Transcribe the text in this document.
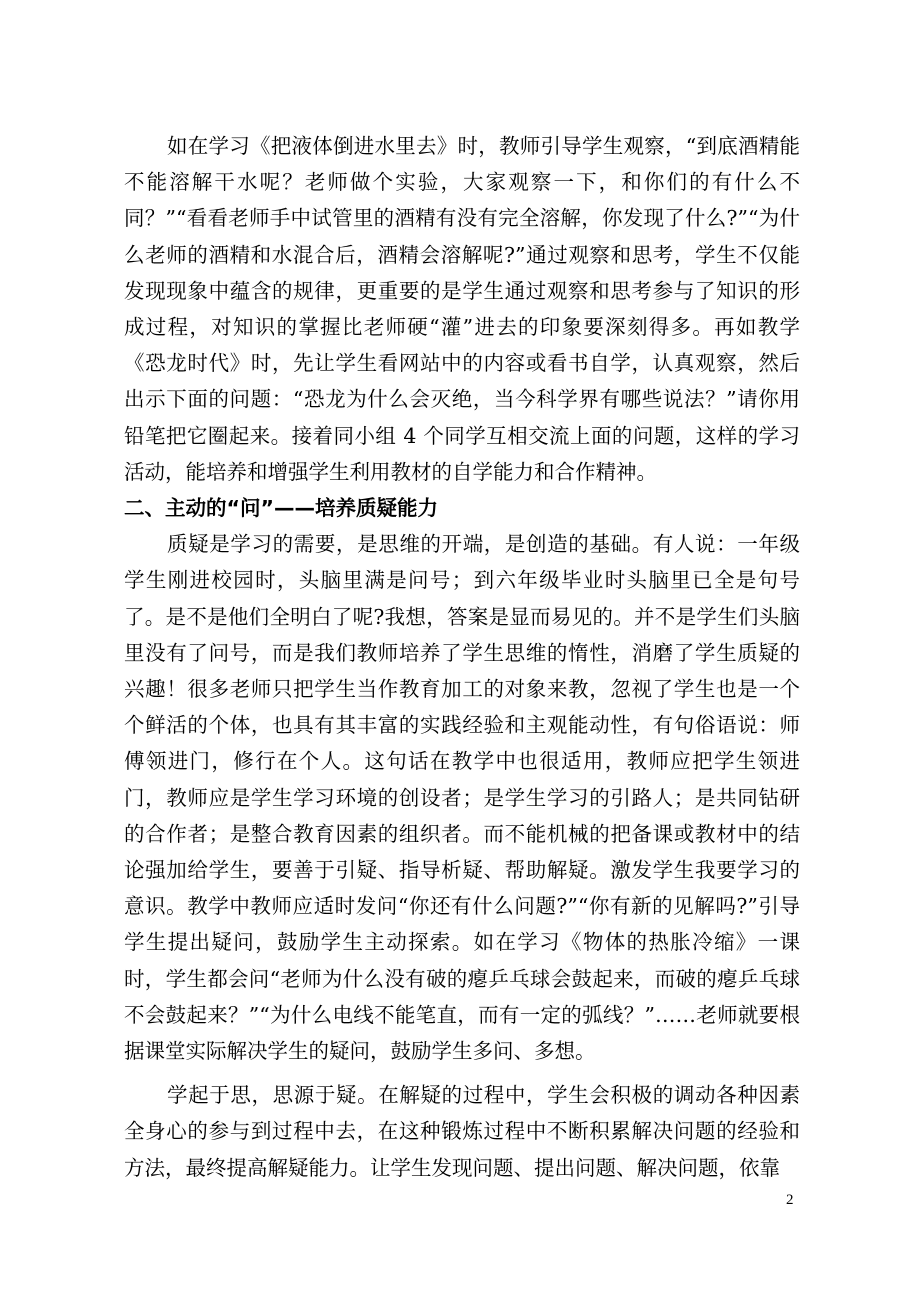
如在学习《把液体倒进水里去》时，教师引导学生观察，“到底酒精能不能溶解干水呢？老师做个实验，大家观察一下，和你们的有什么不同？”“看看老师手中试管里的酒精有没有完全溶解，你发现了什么?”“为什么老师的酒精和水混合后，酒精会溶解呢?”通过观察和思考，学生不仅能发现现象中蕴含的规律，更重要的是学生通过观察和思考参与了知识的形成过程，对知识的掌握比老师硬“灌”进去的印象要深刻得多。再如教学《恐龙时代》时，先让学生看网站中的内容或看书自学，认真观察，然后出示下面的问题：“恐龙为什么会灭绝，当今科学界有哪些说法？”请你用铅笔把它圈起来。接着同小组 4 个同学互相交流上面的问题，这样的学习活动，能培养和增强学生利用教材的自学能力和合作精神。

二、主动的“问”——培养质疑能力

质疑是学习的需要，是思维的开端，是创造的基础。有人说：一年级学生刚进校园时，头脑里满是问号；到六年级毕业时头脑里已全是句号了。是不是他们全明白了呢?我想，答案是显而易见的。并不是学生们头脑里没有了问号，而是我们教师培养了学生思维的惰性，消磨了学生质疑的兴趣！很多老师只把学生当作教育加工的对象来教，忽视了学生也是一个个鲜活的个体，也具有其丰富的实践经验和主观能动性，有句俗语说：师傅领进门，修行在个人。这句话在教学中也很适用，教师应把学生领进门，教师应是学生学习环境的创设者；是学生学习的引路人；是共同钻研的合作者；是整合教育因素的组织者。而不能机械的把备课或教材中的结论强加给学生，要善于引疑、指导析疑、帮助解疑。激发学生我要学习的意识。教学中教师应适时发问“你还有什么问题?”“你有新的见解吗?”引导学生提出疑问，鼓励学生主动探索。如在学习《物体的热胀冷缩》一课时，学生都会问“老师为什么没有破的瘪乒乓球会鼓起来，而破的瘪乒乓球不会鼓起来？”“为什么电线不能笔直，而有一定的弧线？”……老师就要根据课堂实际解决学生的疑问，鼓励学生多问、多想。

学起于思，思源于疑。在解疑的过程中，学生会积极的调动各种因素全身心的参与到过程中去，在这种锻炼过程中不断积累解决问题的经验和方法，最终提高解疑能力。让学生发现问题、提出问题、解决问题，依靠

2
